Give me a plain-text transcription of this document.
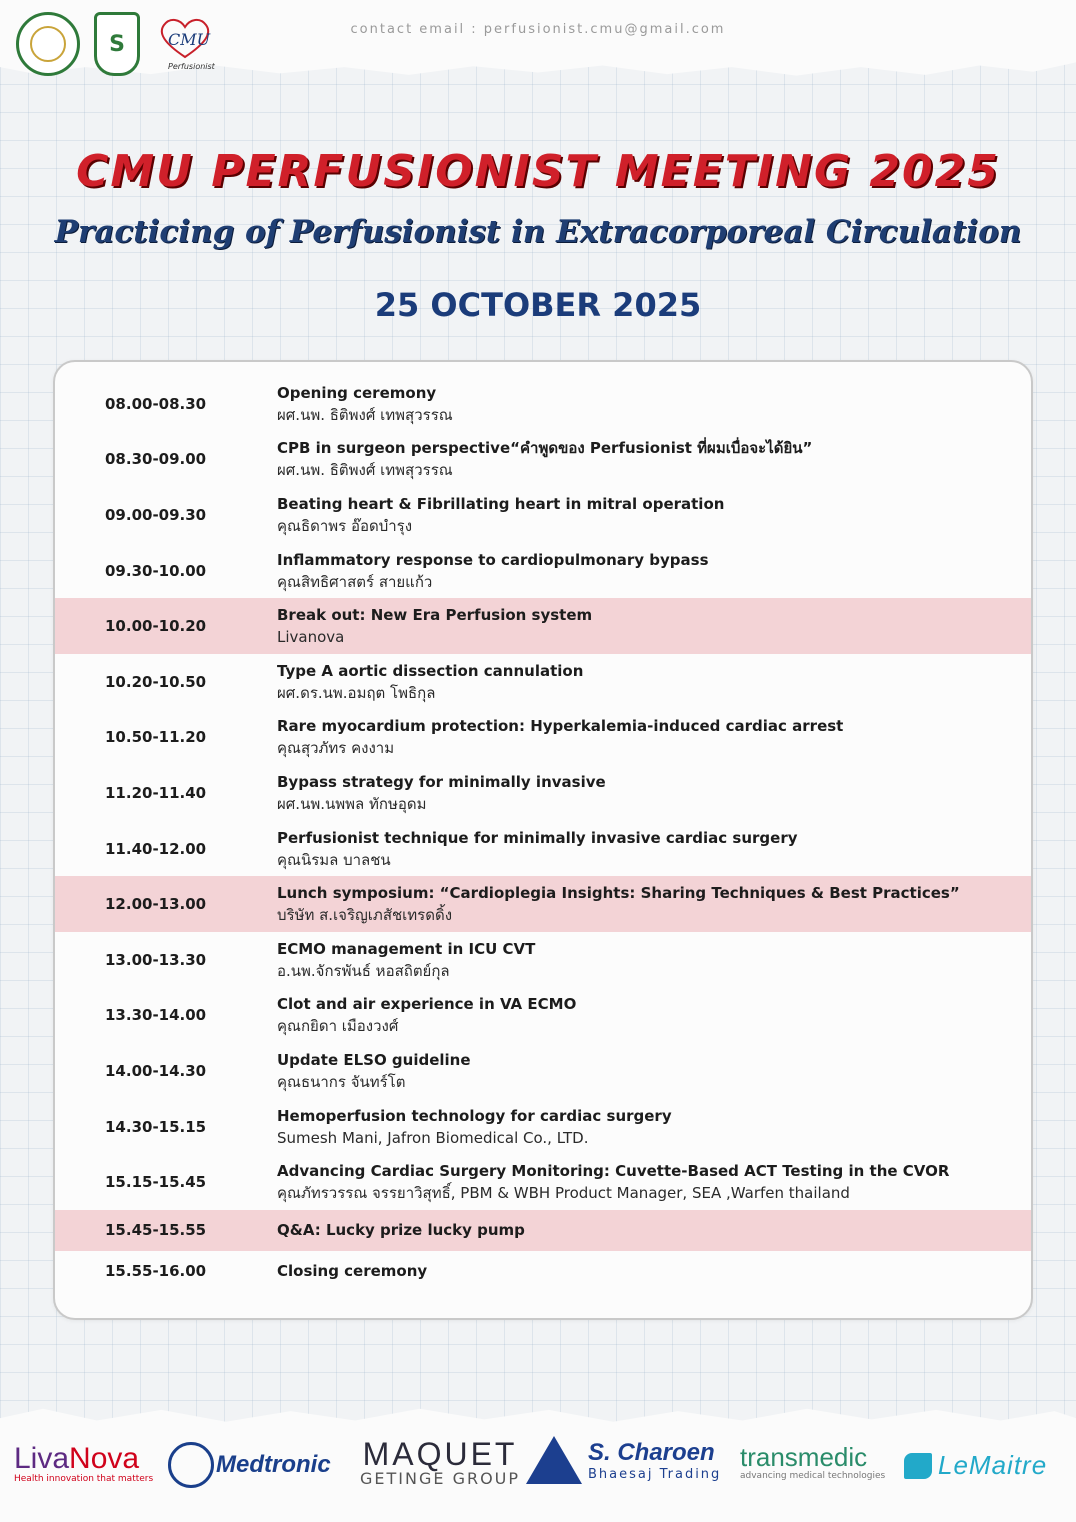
S	CMU
Perfusionist
contact email : perfusionist.cmu@gmail.com
CMU PERFUSIONIST MEETING 2025
Practicing of Perfusionist in Extracorporeal Circulation
25 OCTOBER 2025
08.00-08.30
Opening ceremony
ผศ.นพ. ธิติพงศ์ เทพสุวรรณ
08.30-09.00
CPB in surgeon perspective“คำพูดของ Perfusionist ที่ผมเบื่อจะได้ยิน”
ผศ.นพ. ธิติพงศ์ เทพสุวรรณ
09.00-09.30
Beating heart & Fibrillating heart in mitral operation
คุณธิดาพร อ๊อดบำรุง
09.30-10.00
Inflammatory response to cardiopulmonary bypass
คุณสิทธิศาสตร์ สายแก้ว
10.00-10.20
Break out: New Era Perfusion system
Livanova
10.20-10.50
Type A aortic dissection cannulation
ผศ.ดร.นพ.อมฤต โพธิกุล
10.50-11.20
Rare myocardium protection: Hyperkalemia-induced cardiac arrest
คุณสุวภัทร คงงาม
11.20-11.40
Bypass strategy for minimally invasive
ผศ.นพ.นพพล ทักษอุดม
11.40-12.00
Perfusionist technique for minimally invasive cardiac surgery
คุณนิรมล บาลชน
12.00-13.00
Lunch symposium: “Cardioplegia Insights: Sharing Techniques & Best Practices”
บริษัท ส.เจริญเภสัชเทรดดิ้ง
13.00-13.30
ECMO management in ICU CVT
อ.นพ.จักรพันธ์ หอสถิตย์กุล
13.30-14.00
Clot and air experience in VA ECMO
คุณกยิดา เมืองวงศ์
14.00-14.30
Update ELSO guideline
คุณธนากร จันทร์โต
14.30-15.15
Hemoperfusion technology for cardiac surgery
Sumesh Mani, Jafron Biomedical Co., LTD.
15.15-15.45
Advancing Cardiac Surgery Monitoring: Cuvette-Based ACT Testing in the CVOR
คุณภัทรวรรณ จรรยาวิสุทธิ์, PBM & WBH Product Manager, SEA ,Warfen thailand
15.45-15.55	Q&A: Lucky prize lucky pump
15.55-16.00	Closing ceremony
LivaNova
Health innovation that matters
Medtronic MAQUET
GETINGE GROUP
S. Charoen
Bhaesaj Trading
transmedic
advancing medical technologies LeMaitre
